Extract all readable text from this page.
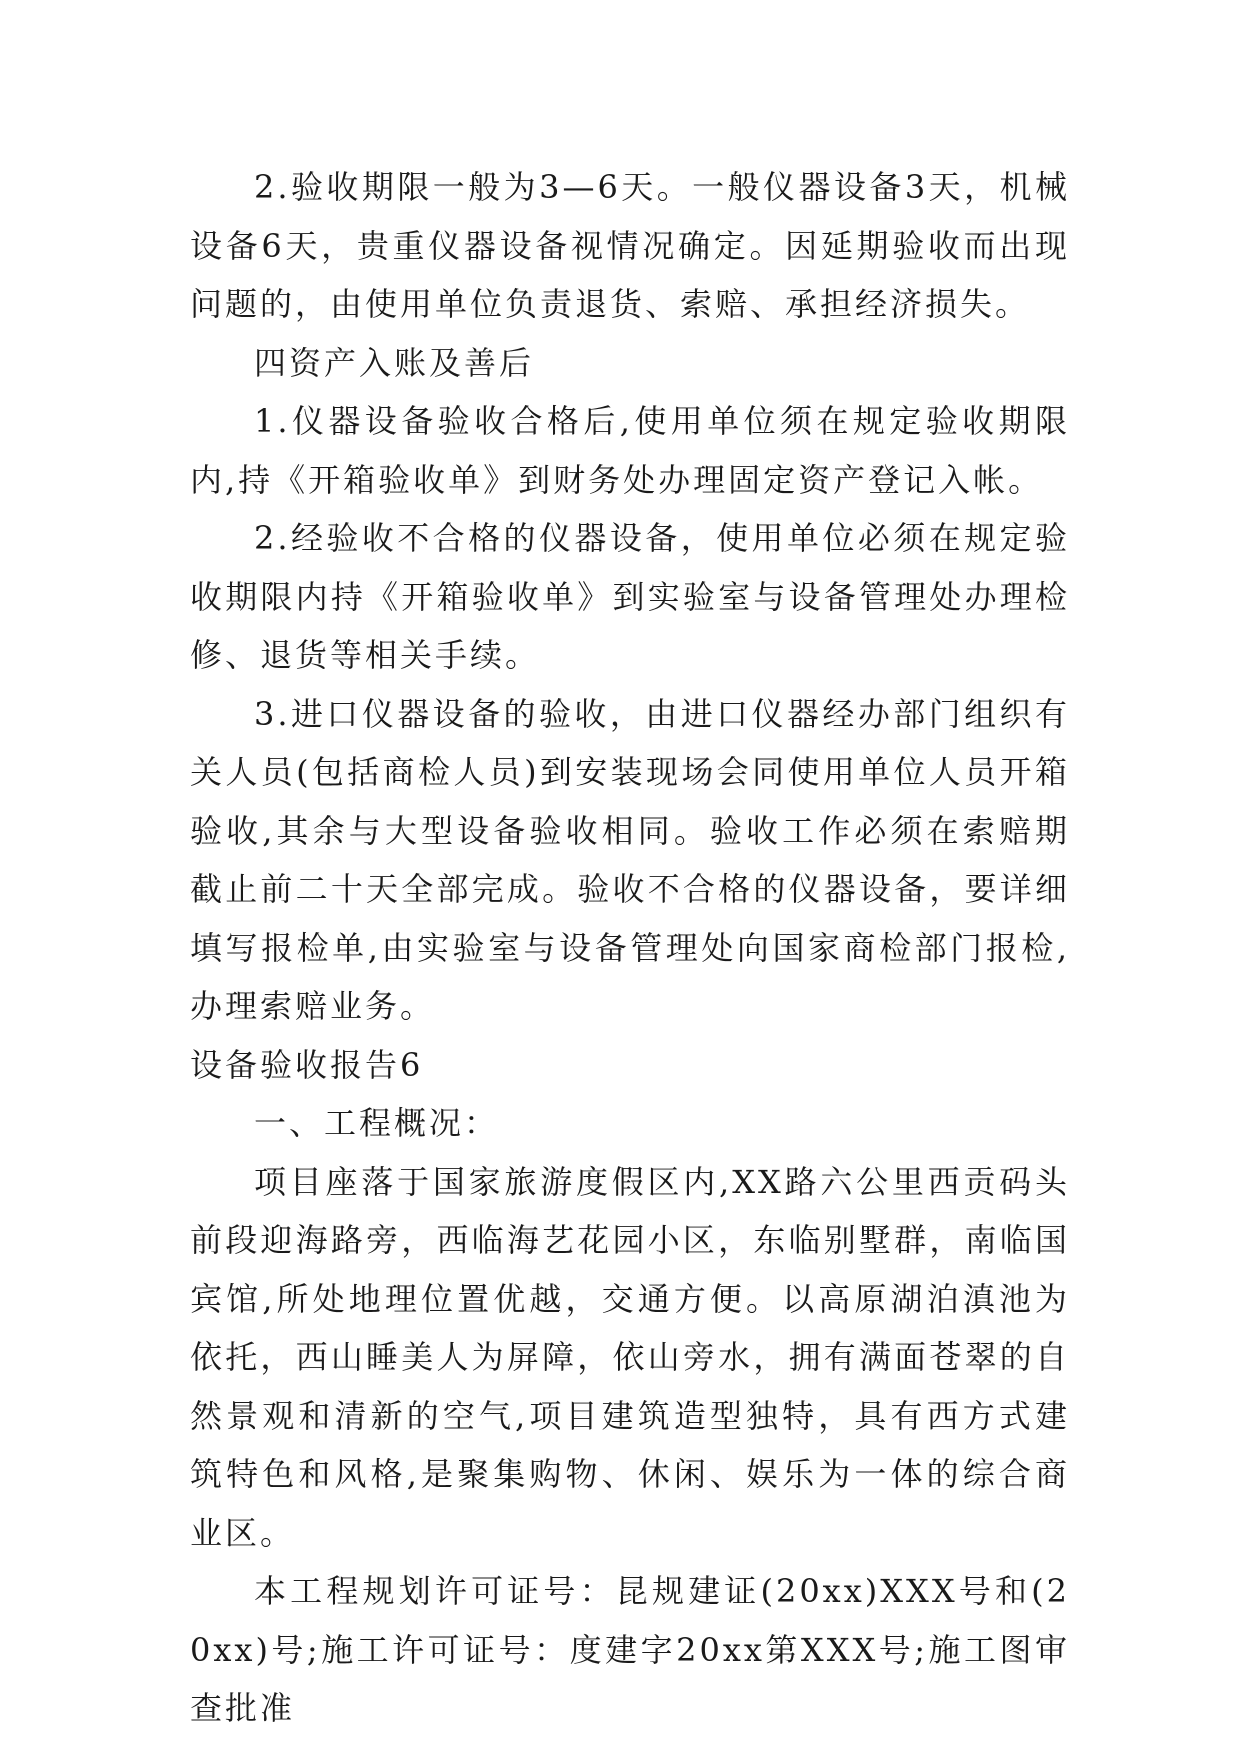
2.验收期限一般为3—6天。一般仪器设备3天，机械设备6天，贵重仪器设备视情况确定。因延期验收而出现问题的，由使用单位负责退货、索赔、承担经济损失。

四资产入账及善后

1.仪器设备验收合格后,使用单位须在规定验收期限内,持《开箱验收单》到财务处办理固定资产登记入帐。

2.经验收不合格的仪器设备，使用单位必须在规定验收期限内持《开箱验收单》到实验室与设备管理处办理检修、退货等相关手续。

3.进口仪器设备的验收，由进口仪器经办部门组织有关人员(包括商检人员)到安装现场会同使用单位人员开箱验收,其余与大型设备验收相同。验收工作必须在索赔期截止前二十天全部完成。验收不合格的仪器设备，要详细填写报检单,由实验室与设备管理处向国家商检部门报检,办理索赔业务。

设备验收报告6

一、工程概况：

项目座落于国家旅游度假区内,XX路六公里西贡码头前段迎海路旁，西临海艺花园小区，东临别墅群，南临国宾馆,所处地理位置优越，交通方便。以高原湖泊滇池为依托，西山睡美人为屏障，依山旁水，拥有满面苍翠的自然景观和清新的空气,项目建筑造型独特，具有西方式建筑特色和风格,是聚集购物、休闲、娱乐为一体的综合商业区。

本工程规划许可证号：昆规建证(20xx)XXX号和(20xx)号;施工许可证号：度建字20xx第XXX号;施工图审查批准
